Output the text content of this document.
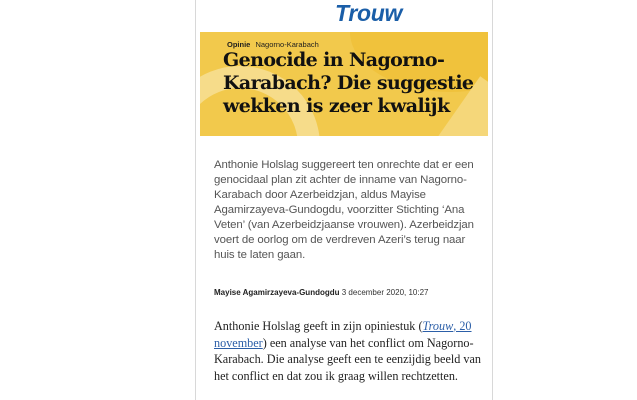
Trouw
Opinie Nagorno-Karabach
Genocide in Nagorno-Karabach? Die suggestie wekken is zeer kwalijk

Anthonie Holslag suggereert ten onrechte dat er een genocidaal plan zit achter de inname van Nagorno-Karabach door Azerbeidzjan, aldus Mayise Agamirzayeva-Gundogdu, voorzitter Stichting ‘Ana Veten’ (van Azerbeidzjaanse vrouwen). Azerbeidzjan voert de oorlog om de verdreven Azeri’s terug naar huis te laten gaan.

Mayise Agamirzayeva-Gundogdu 3 december 2020, 10:27

Anthonie Holslag geeft in zijn opiniestuk (Trouw, 20 november) een analyse van het conflict om Nagorno-Karabach. Die analyse geeft een te eenzijdig beeld van het conflict en dat zou ik graag willen rechtzetten.
